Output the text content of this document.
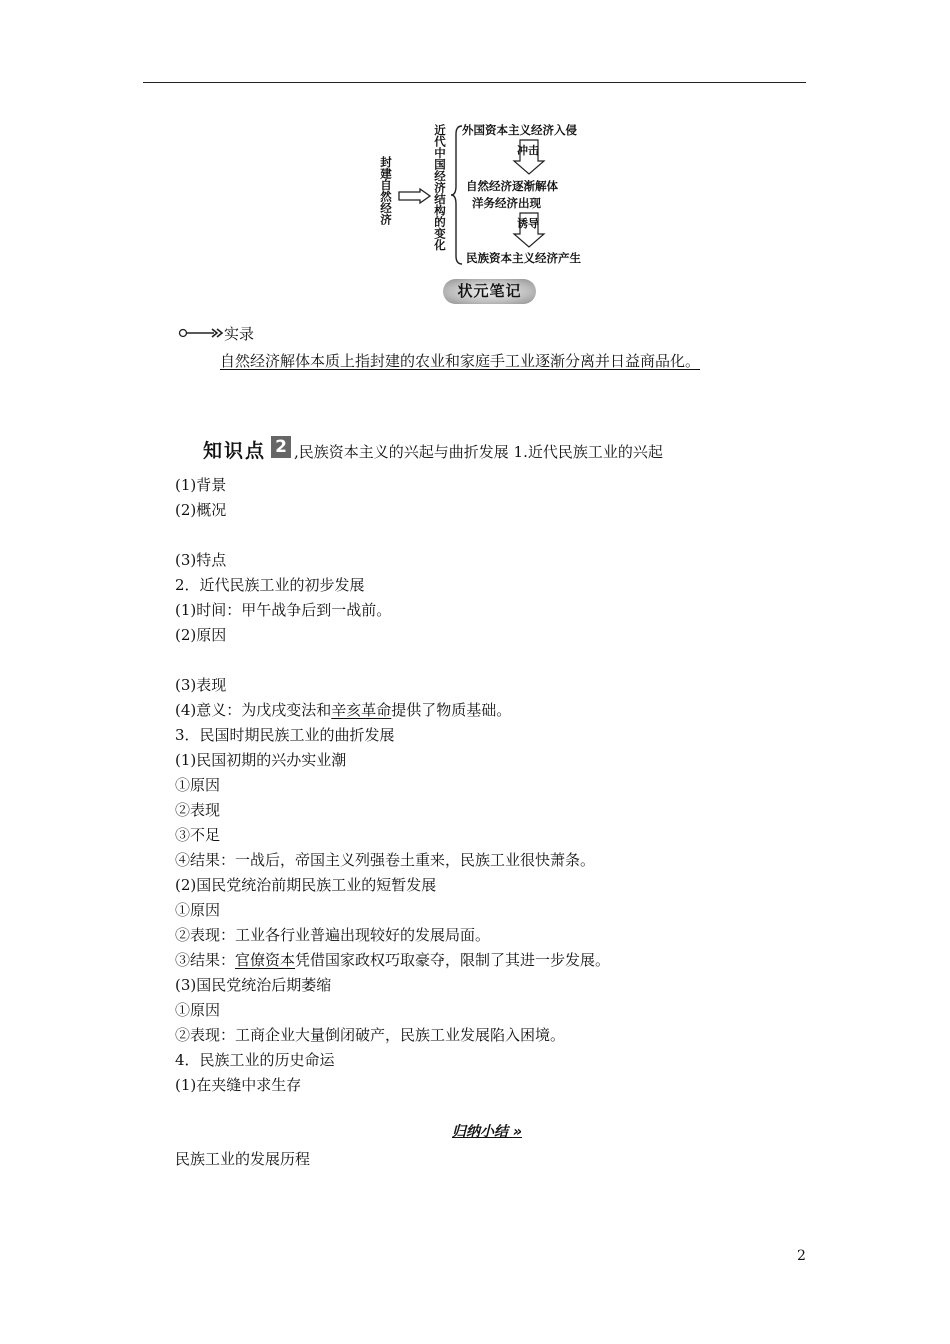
封建自然经济	近代中国经济结构的变化 外国资本主义经济入侵
冲击
自然经济逐渐解体
洋务经济出现
诱导
民族资本主义经济产生
状元笔记
实录
自然经济解体本质上指封建的农业和家庭手工业逐渐分离并日益商品化。
知识点 2 ,民族资本主义的兴起与曲折发展 1.近代民族工业的兴起
(1)背景
(2)概况
(3)特点
2．近代民族工业的初步发展
(1)时间：甲午战争后到一战前。
(2)原因
(3)表现
(4)意义：为戊戌变法和辛亥革命提供了物质基础。
3．民国时期民族工业的曲折发展
(1)民国初期的兴办实业潮
①原因
②表现
③不足
④结果：一战后，帝国主义列强卷土重来，民族工业很快萧条。
(2)国民党统治前期民族工业的短暂发展
①原因
②表现：工业各行业普遍出现较好的发展局面。
③结果：官僚资本凭借国家政权巧取豪夺，限制了其进一步发展。
(3)国民党统治后期萎缩
①原因
②表现：工商企业大量倒闭破产，民族工业发展陷入困境。
4．民族工业的历史命运
(1)在夹缝中求生存
归纳小结 »
民族工业的发展历程
2
